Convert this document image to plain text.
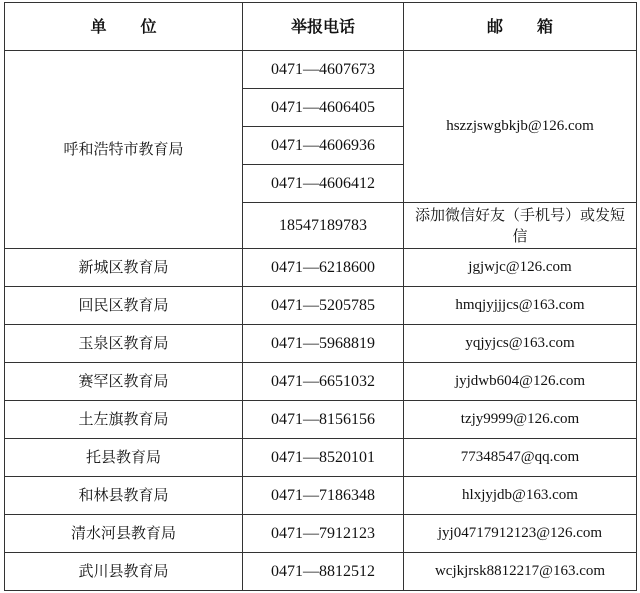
单 位	举报电话	邮 箱
呼和浩特市教育局	0471—4607673	hszzjswgbkjb@126.com
	0471—4606405	
	0471—4606936	
	0471—4606412	
	18547189783	添加微信好友（手机号）或发短信
新城区教育局	0471—6218600	jgjwjc@126.com
回民区教育局	0471—5205785	hmqjyjjjcs@163.com
玉泉区教育局	0471—5968819	yqjyjcs@163.com
赛罕区教育局	0471—6651032	jyjdwb604@126.com
土左旗教育局	0471—8156156	tzjy9999@126.com
托县教育局	0471—8520101	77348547@qq.com
和林县教育局	0471—7186348	hlxjyjdb@163.com
清水河县教育局	0471—7912123	jyj04717912123@126.com
武川县教育局	0471—8812512	wcjkjrsk8812217@163.com
